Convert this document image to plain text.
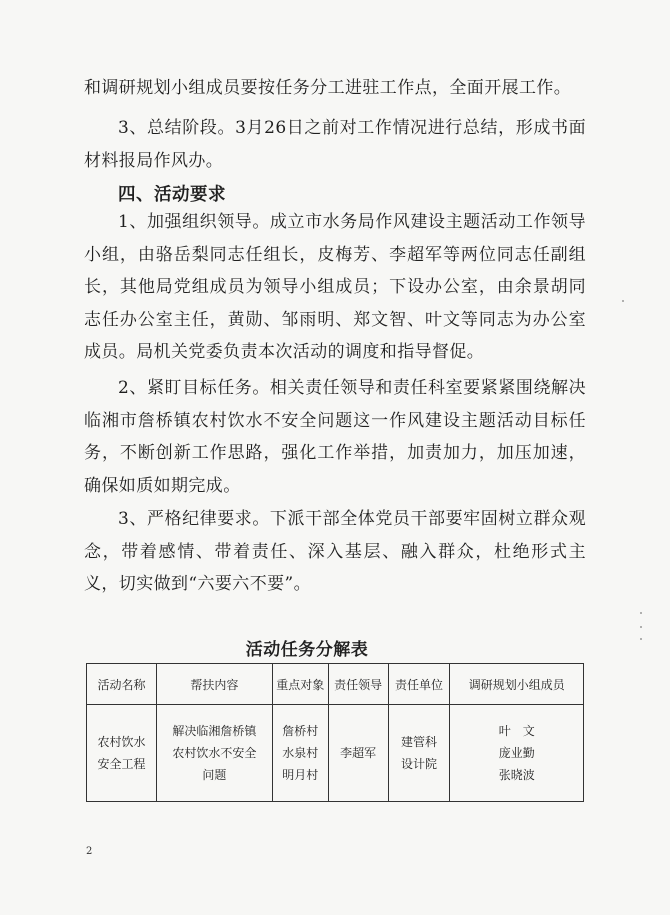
和调研规划小组成员要按任务分工进驻工作点，全面开展工作。

3、总结阶段。3月26日之前对工作情况进行总结，形成书面材料报局作风办。

四、活动要求

1、加强组织领导。成立市水务局作风建设主题活动工作领导小组，由骆岳梨同志任组长，皮梅芳、李超军等两位同志任副组长，其他局党组成员为领导小组成员；下设办公室，由余景胡同志任办公室主任，黄勋、邹雨明、郑文智、叶文等同志为办公室成员。局机关党委负责本次活动的调度和指导督促。

2、紧盯目标任务。相关责任领导和责任科室要紧紧围绕解决临湘市詹桥镇农村饮水不安全问题这一作风建设主题活动目标任务，不断创新工作思路，强化工作举措，加责加力，加压加速，确保如质如期完成。

3、严格纪律要求。下派干部全体党员干部要牢固树立群众观念，带着感情、带着责任、深入基层、融入群众，杜绝形式主义，切实做到“六要六不要”。

活动任务分解表
活动名称	帮扶内容	重点对象	责任领导	责任单位	调研规划小组成员

农村饮水
安全工程	解决临湘詹桥镇
农村饮水不安全
问题	詹桥村
水泉村
明月村	李超军	建管科
设计院	叶　文
庞业勤
张晓波
2
